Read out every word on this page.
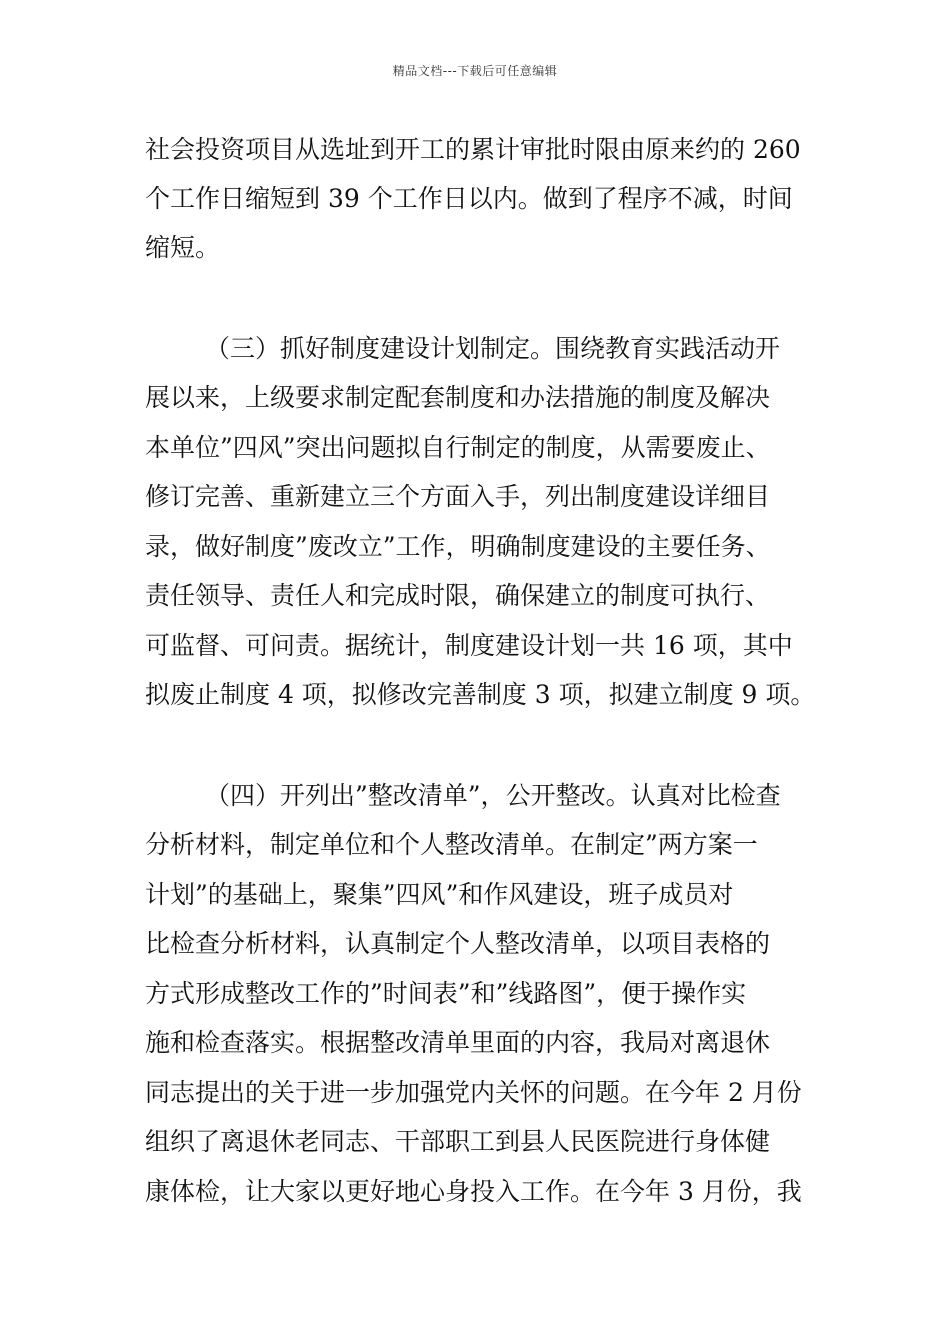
精品文档---下载后可任意编辑
社会投资项目从选址到开工的累计审批时限由原来约的 260
个工作日缩短到 39 个工作日以内。做到了程序不减，时间
缩短。
（三）抓好制度建设计划制定。围绕教育实践活动开
展以来，上级要求制定配套制度和办法措施的制度及解决
本单位”四风”突出问题拟自行制定的制度，从需要废止、
修订完善、重新建立三个方面入手，列出制度建设详细目
录，做好制度”废改立”工作，明确制度建设的主要任务、
责任领导、责任人和完成时限，确保建立的制度可执行、
可监督、可问责。据统计，制度建设计划一共 16 项，其中
拟废止制度 4 项，拟修改完善制度 3 项，拟建立制度 9 项。
（四）开列出”整改清单”，公开整改。认真对比检查
分析材料，制定单位和个人整改清单。在制定”两方案一
计划”的基础上，聚集”四风”和作风建设，班子成员对
比检查分析材料，认真制定个人整改清单，以项目表格的
方式形成整改工作的”时间表”和”线路图”，便于操作实
施和检查落实。根据整改清单里面的内容，我局对离退休
同志提出的关于进一步加强党内关怀的问题。在今年 2 月份
组织了离退休老同志、干部职工到县人民医院进行身体健
康体检，让大家以更好地心身投入工作。在今年 3 月份，我
